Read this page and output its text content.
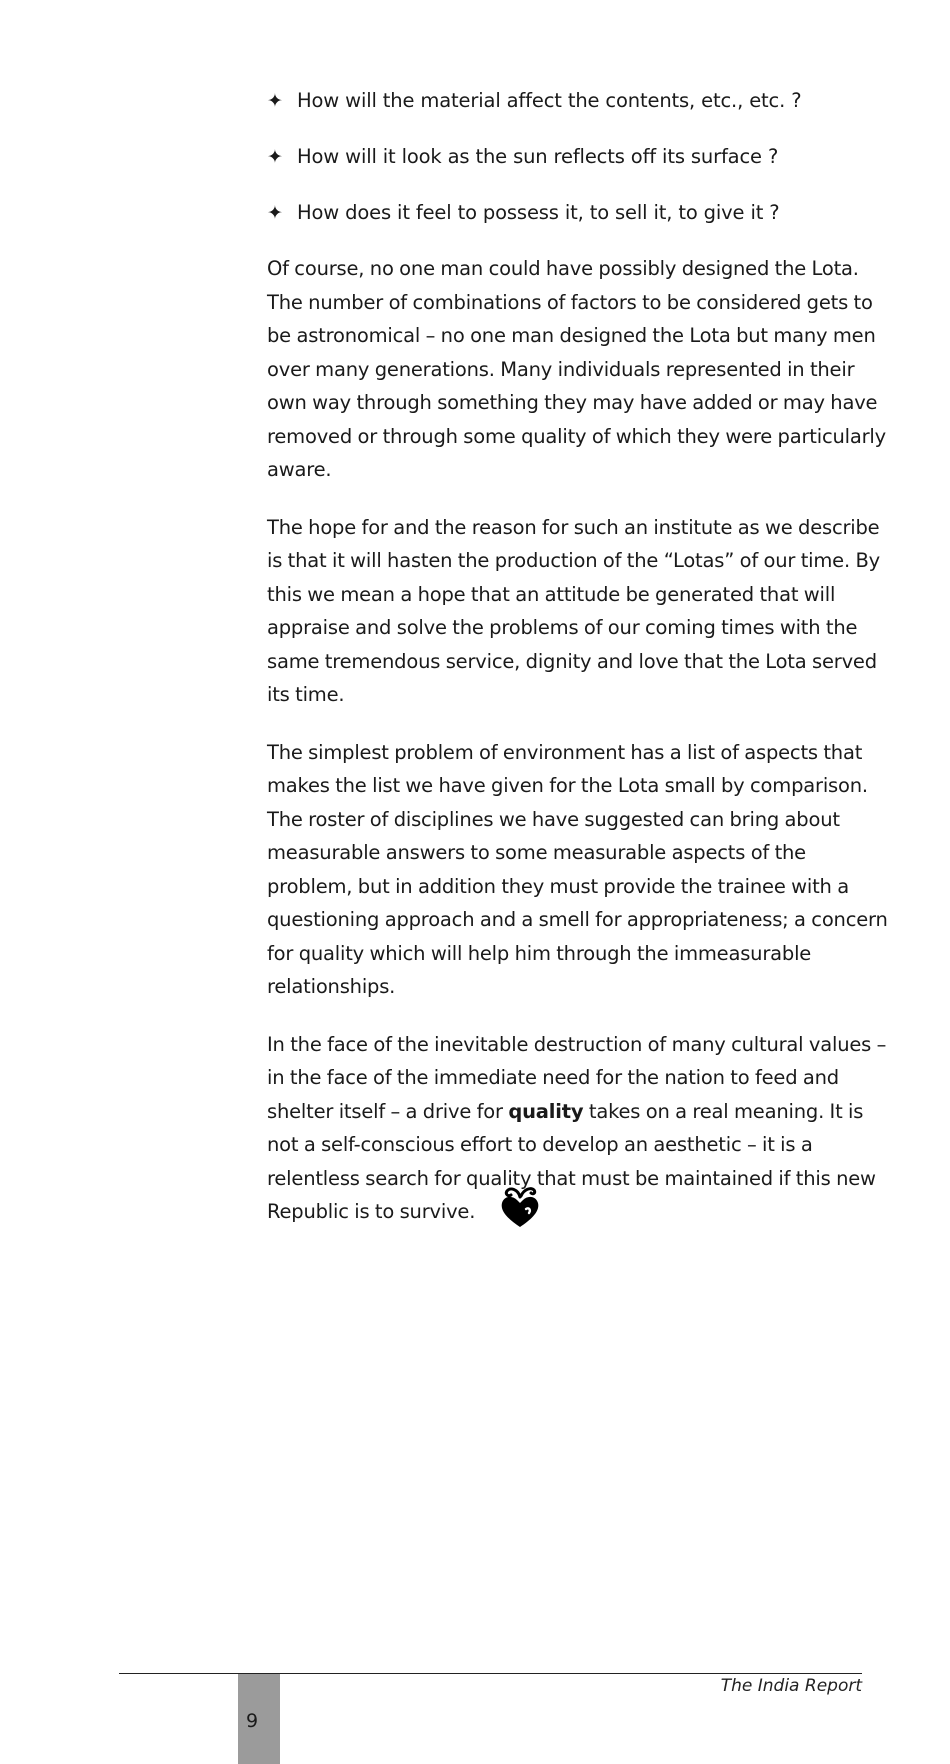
✦ How will the material affect the contents, etc., etc. ?
✦ How will it look as the sun reflects off its surface ?
✦ How does it feel to possess it, to sell it, to give it ?

Of course, no one man could have possibly designed the Lota. The number of combinations of factors to be considered gets to be astronomical – no one man designed the Lota but many men over many generations. Many individuals represented in their own way through something they may have added or may have removed or through some quality of which they were particularly aware.

The hope for and the reason for such an institute as we describe is that it will hasten the production of the “Lotas” of our time. By this we mean a hope that an attitude be generated that will appraise and solve the problems of our coming times with the same tremendous service, dignity and love that the Lota served its time.

The simplest problem of environment has a list of aspects that makes the list we have given for the Lota small by comparison. The roster of disciplines we have suggested can bring about measurable answers to some measurable aspects of the problem, but in addition they must provide the trainee with a questioning approach and a smell for appropriateness; a concern for quality which will help him through the immeasurable relationships.

In the face of the inevitable destruction of many cultural values – in the face of the immediate need for the nation to feed and shelter itself – a drive for quality takes on a real meaning. It is not a self-conscious effort to develop an aesthetic – it is a relentless search for quality that must be maintained if this new Republic is to survive.

9
The India Report
